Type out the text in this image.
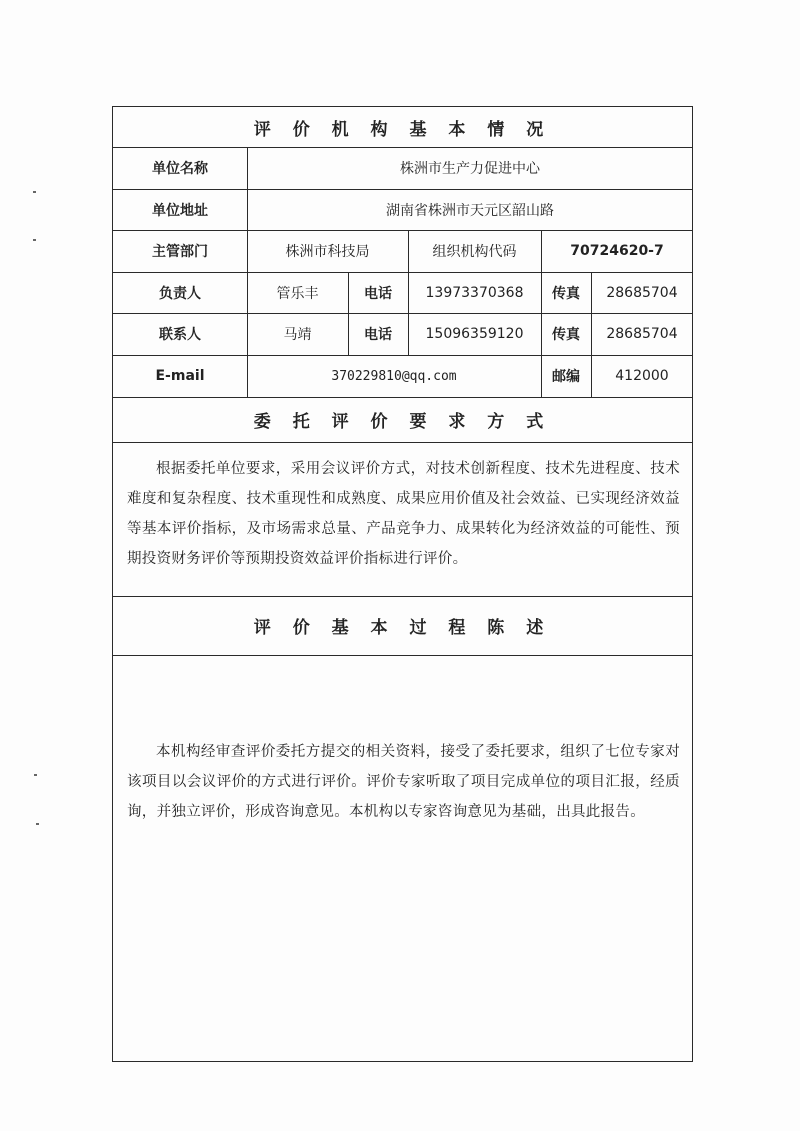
评 价 机 构 基 本 情 况
单位名称	株洲市生产力促进中心
单位地址	湖南省株洲市天元区韶山路
主管部门	株洲市科技局	组织机构代码	70724620-7
负责人	管乐丰	电话	13973370368	传真	28685704
联系人	马靖	电话	15096359120	传真	28685704
E-mail	370229810@qq.com	邮编	412000
委 托 评 价 要 求 方 式
根据委托单位要求，采用会议评价方式，对技术创新程度、技术先进程度、技术难度和复杂程度、技术重现性和成熟度、成果应用价值及社会效益、已实现经济效益等基本评价指标，及市场需求总量、产品竞争力、成果转化为经济效益的可能性、预期投资财务评价等预期投资效益评价指标进行评价。
评 价 基 本 过 程 陈 述
本机构经审查评价委托方提交的相关资料，接受了委托要求，组织了七位专家对该项目以会议评价的方式进行评价。评价专家听取了项目完成单位的项目汇报，经质询，并独立评价，形成咨询意见。本机构以专家咨询意见为基础，出具此报告。
